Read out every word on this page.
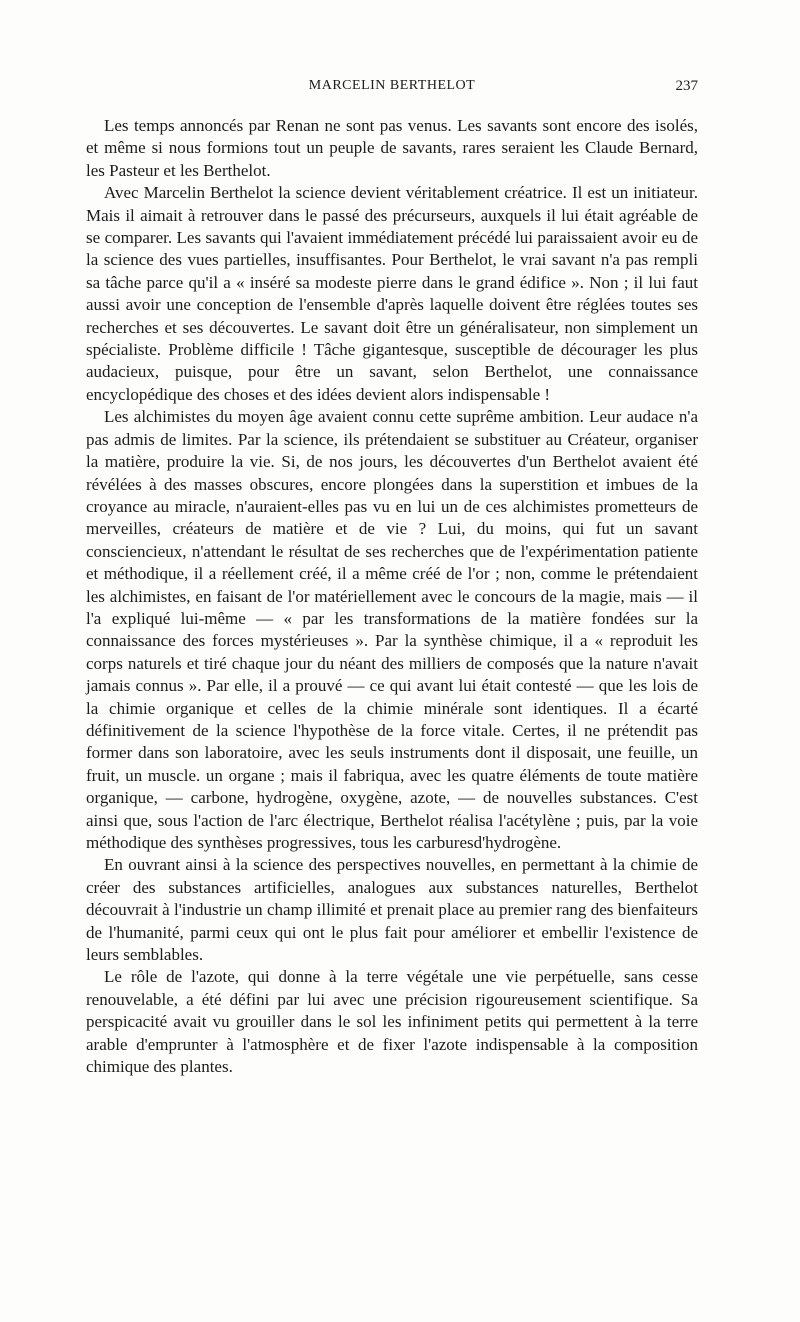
MARCELIN BERTHELOT	237

Les temps annoncés par Renan ne sont pas venus. Les savants sont encore des isolés, et même si nous formions tout un peuple de savants, rares seraient les Claude Bernard, les Pasteur et les Berthelot.

Avec Marcelin Berthelot la science devient véritablement créatrice. Il est un initiateur. Mais il aimait à retrouver dans le passé des précurseurs, auxquels il lui était agréable de se comparer. Les savants qui l'avaient immédiatement précédé lui paraissaient avoir eu de la science des vues partielles, insuffisantes. Pour Berthelot, le vrai savant n'a pas rempli sa tâche parce qu'il a « inséré sa modeste pierre dans le grand édifice ». Non ; il lui faut aussi avoir une conception de l'ensemble d'après laquelle doivent être réglées toutes ses recherches et ses découvertes. Le savant doit être un généralisateur, non simplement un spécialiste. Problème difficile ! Tâche gigantesque, susceptible de décourager les plus audacieux, puisque, pour être un savant, selon Berthelot, une connaissance encyclopédique des choses et des idées devient alors indispensable !

Les alchimistes du moyen âge avaient connu cette suprême ambition. Leur audace n'a pas admis de limites. Par la science, ils prétendaient se substituer au Créateur, organiser la matière, produire la vie. Si, de nos jours, les découvertes d'un Berthelot avaient été révélées à des masses obscures, encore plongées dans la superstition et imbues de la croyance au miracle, n'auraient-elles pas vu en lui un de ces alchimistes prometteurs de merveilles, créateurs de matière et de vie ? Lui, du moins, qui fut un savant consciencieux, n'attendant le résultat de ses recherches que de l'expérimentation patiente et méthodique, il a réellement créé, il a même créé de l'or ; non, comme le prétendaient les alchimistes, en faisant de l'or matériellement avec le concours de la magie, mais — il l'a expliqué lui-même — « par les transformations de la matière fondées sur la connaissance des forces mystérieuses ». Par la synthèse chimique, il a « reproduit les corps naturels et tiré chaque jour du néant des milliers de composés que la nature n'avait jamais connus ». Par elle, il a prouvé — ce qui avant lui était contesté — que les lois de la chimie organique et celles de la chimie minérale sont identiques. Il a écarté définitivement de la science l'hypothèse de la force vitale. Certes, il ne prétendit pas former dans son laboratoire, avec les seuls instruments dont il disposait, une feuille, un fruit, un muscle. un organe ; mais il fabriqua, avec les quatre éléments de toute matière organique, — carbone, hydrogène, oxygène, azote, — de nouvelles substances. C'est ainsi que, sous l'action de l'arc électrique, Berthelot réalisa l'acétylène ; puis, par la voie méthodique des synthèses progressives, tous les carburesd'hydrogène.

En ouvrant ainsi à la science des perspectives nouvelles, en permettant à la chimie de créer des substances artificielles, analogues aux substances naturelles, Berthelot découvrait à l'industrie un champ illimité et prenait place au premier rang des bienfaiteurs de l'humanité, parmi ceux qui ont le plus fait pour améliorer et embellir l'existence de leurs semblables.

Le rôle de l'azote, qui donne à la terre végétale une vie perpétuelle, sans cesse renouvelable, a été défini par lui avec une précision rigoureusement scientifique. Sa perspicacité avait vu grouiller dans le sol les infiniment petits qui permettent à la terre arable d'emprunter à l'atmosphère et de fixer l'azote indispensable à la composition chimique des plantes.
